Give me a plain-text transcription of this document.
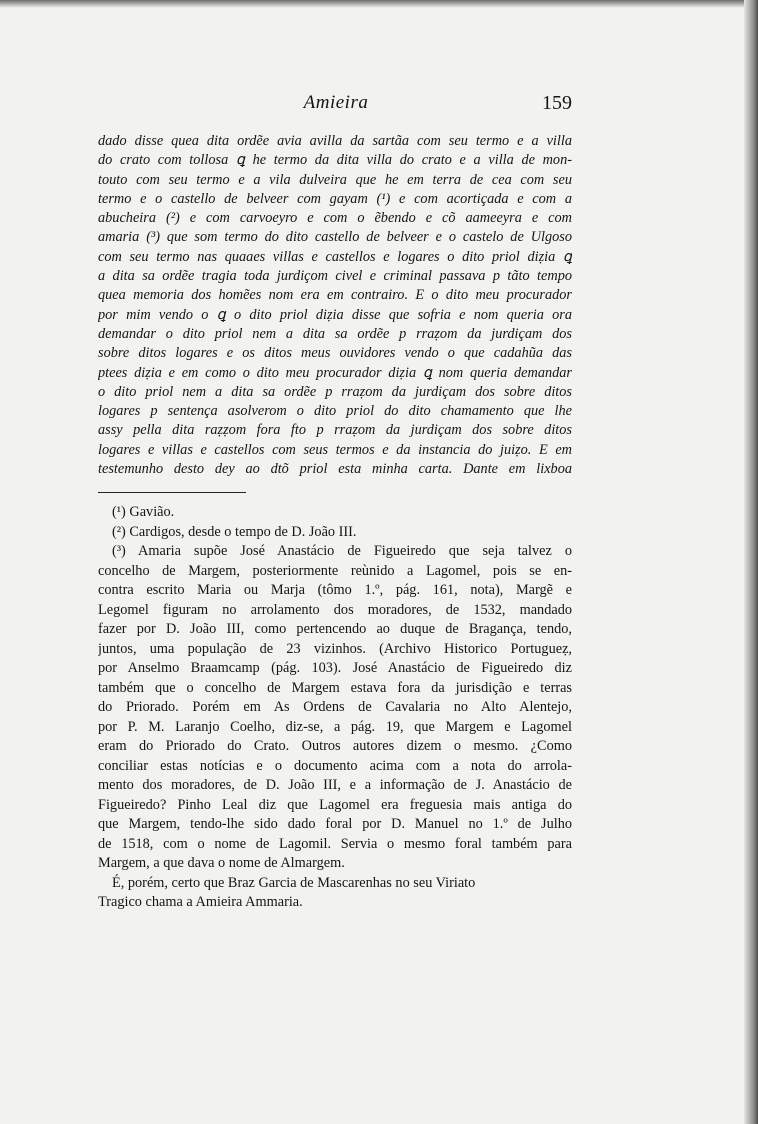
Amieira	159
dado disse quea dita ordẽe avia avilla da sartãa com seu termo e a villa
do crato com tollosa ꝗ he termo da dita villa do crato e a villa de mon-
touto com seu termo e a vila dulveira que he em terra de cea com seu
termo e o castello de belveer com gayam (¹) e com acortiçada e com a
abucheira (²) e com carvoeyro e com o ẽbendo e cõ aameeyra e com
amaria (³) que som termo do dito castello de belveer e o castelo de Ulgoso
com seu termo nas quaaes villas e castellos e logares o dito priol diẓia ꝗ
a dita sa ordẽe tragia toda jurdiçom civel e criminal passava p tãto tempo
quea memoria dos homẽes nom era em contrairo. E o dito meu procurador
por mim vendo o ꝗ o dito priol diẓia disse que sofria e nom queria ora
demandar o dito priol nem a dita sa ordẽe p rraẓom da jurdiçam dos
sobre ditos logares e os ditos meus ouvidores vendo o que cadahũa das
ptees diẓia e em como o dito meu procurador diẓia ꝗ nom queria demandar
o dito priol nem a dita sa ordẽe p rraẓom da jurdiçam dos sobre ditos
logares p sentença asolverom o dito priol do dito chamamento que lhe
assy pella dita raẓẓom fora fto p rraẓom da jurdiçam dos sobre ditos
logares e villas e castellos com seus termos e da instancia do juiẓo. E em
testemunho desto dey ao dtõ priol esta minha carta. Dante em lixboa
(¹) Gavião.
(²) Cardigos, desde o tempo de D. João III.
(³) Amaria supõe José Anastácio de Figueiredo que seja talvez o
concelho de Margem, posteriormente reùnido a Lagomel, pois se en-
contra escrito Maria ou Marja (tômo 1.º, pág. 161, nota), Margẽ e
Legomel figuram no arrolamento dos moradores, de 1532, mandado
fazer por D. João III, como pertencendo ao duque de Bragança, tendo,
juntos, uma população de 23 vizinhos. (Archivo Historico Portugueẓ,
por Anselmo Braamcamp (pág. 103). José Anastácio de Figueiredo diz
também que o concelho de Margem estava fora da jurisdição e terras
do Priorado. Porém em As Ordens de Cavalaria no Alto Alentejo,
por P. M. Laranjo Coelho, diz-se, a pág. 19, que Margem e Lagomel
eram do Priorado do Crato. Outros autores dizem o mesmo. ¿Como
conciliar estas notícias e o documento acima com a nota do arrola-
mento dos moradores, de D. João III, e a informação de J. Anastácio de
Figueiredo? Pinho Leal diz que Lagomel era freguesia mais antiga do
que Margem, tendo-lhe sido dado foral por D. Manuel no 1.º de Julho
de 1518, com o nome de Lagomil. Servia o mesmo foral também para
Margem, a que dava o nome de Almargem.
É, porém, certo que Braz Garcia de Mascarenhas no seu Viriato
Tragico chama a Amieira Ammaria.
